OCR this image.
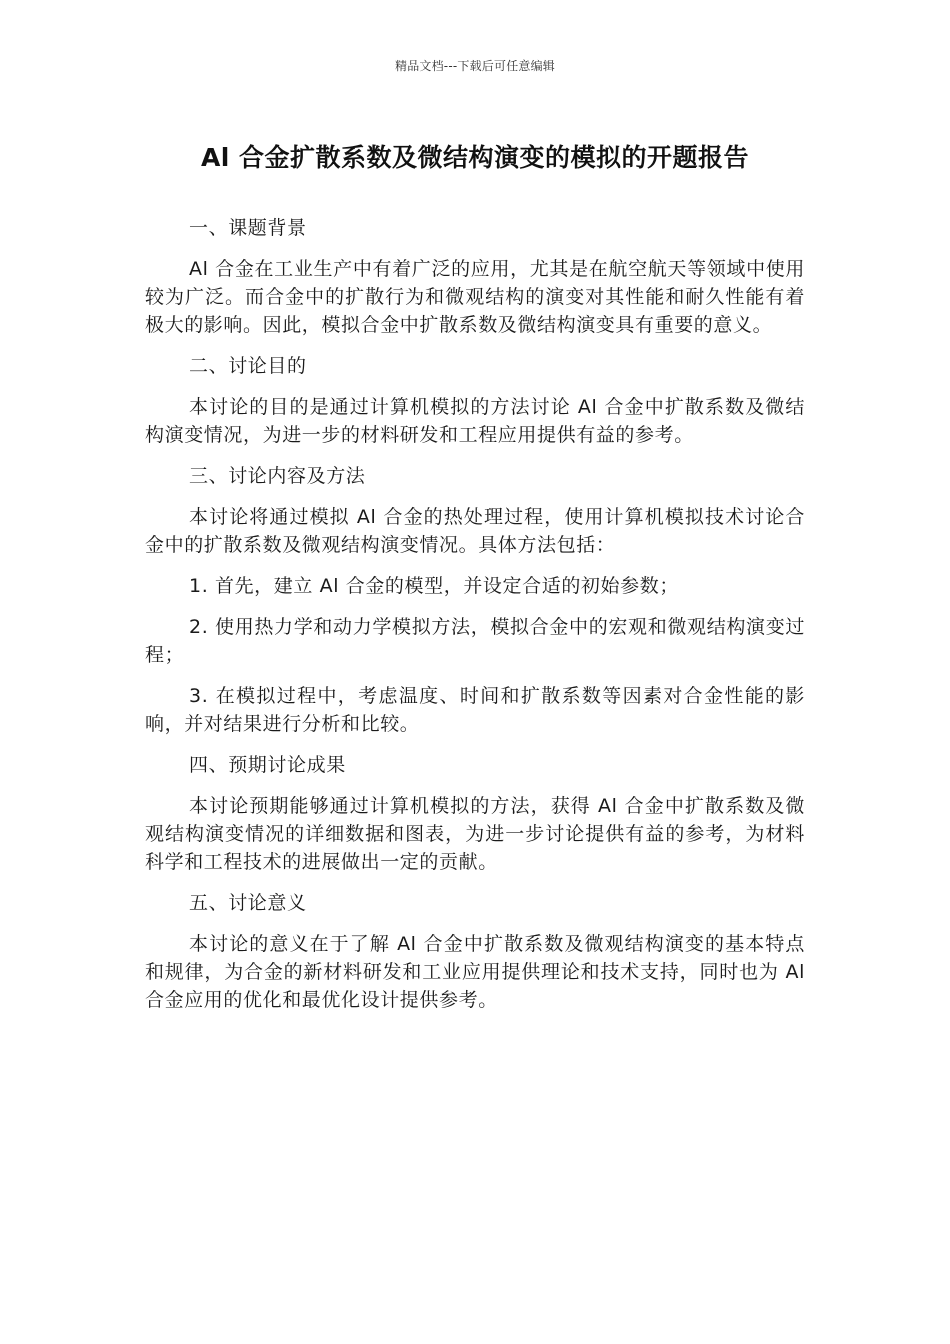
精品文档---下载后可任意编辑
Al 合金扩散系数及微结构演变的模拟的开题报告

一、课题背景

Al 合金在工业生产中有着广泛的应用，尤其是在航空航天等领域中使用较为广泛。而合金中的扩散行为和微观结构的演变对其性能和耐久性能有着极大的影响。因此，模拟合金中扩散系数及微结构演变具有重要的意义。

二、讨论目的

本讨论的目的是通过计算机模拟的方法讨论 Al 合金中扩散系数及微结构演变情况，为进一步的材料研发和工程应用提供有益的参考。

三、讨论内容及方法

本讨论将通过模拟 Al 合金的热处理过程，使用计算机模拟技术讨论合金中的扩散系数及微观结构演变情况。具体方法包括：

1. 首先，建立 Al 合金的模型，并设定合适的初始参数；

2. 使用热力学和动力学模拟方法，模拟合金中的宏观和微观结构演变过程；

3. 在模拟过程中，考虑温度、时间和扩散系数等因素对合金性能的影响，并对结果进行分析和比较。

四、预期讨论成果

本讨论预期能够通过计算机模拟的方法，获得 Al 合金中扩散系数及微观结构演变情况的详细数据和图表，为进一步讨论提供有益的参考，为材料科学和工程技术的进展做出一定的贡献。

五、讨论意义

本讨论的意义在于了解 Al 合金中扩散系数及微观结构演变的基本特点和规律，为合金的新材料研发和工业应用提供理论和技术支持，同时也为 Al 合金应用的优化和最优化设计提供参考。
